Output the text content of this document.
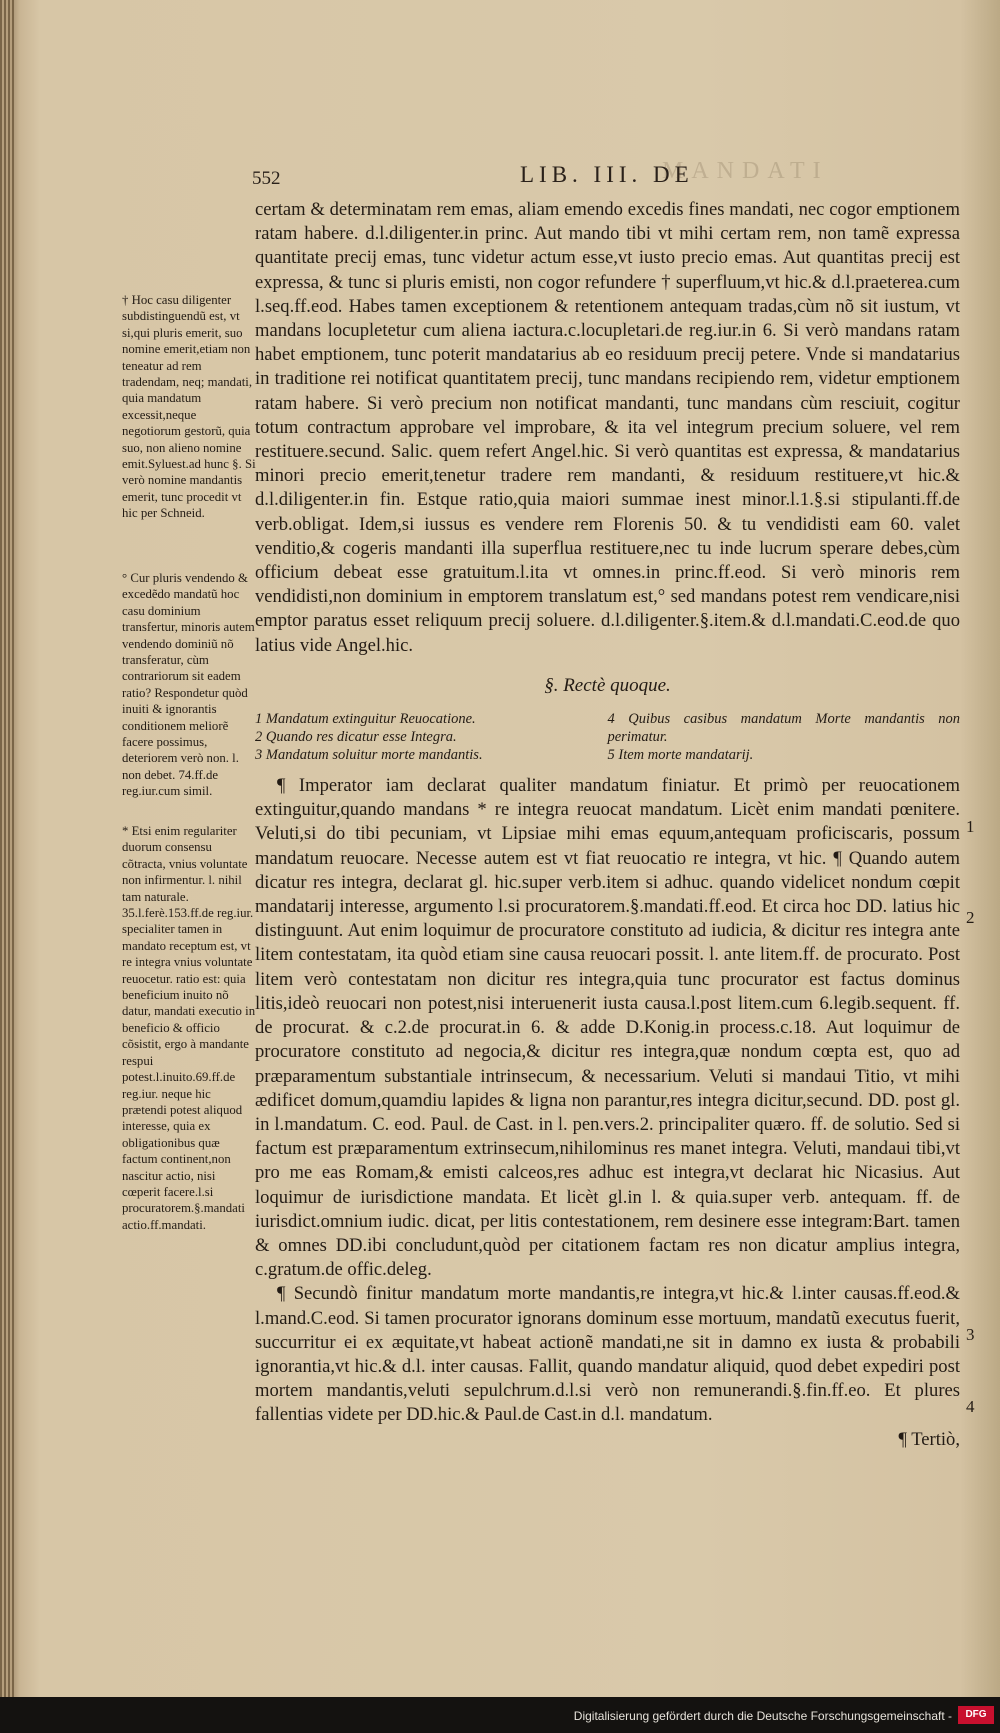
552	LIB. III. DE
MANDATI

certam & determinatam rem emas, aliam emendo excedis fines mandati, nec cogor emptionem ratam habere. d.l.diligenter.in princ. Aut mando tibi vt mihi certam rem, non tamẽ expressa quantitate precij emas, tunc videtur actum esse,vt iusto precio emas. Aut quantitas precij est expressa, & tunc si pluris emisti, non cogor refundere † superfluum,vt hic.& d.l.praeterea.cum l.seq.ff.eod. Habes tamen exceptionem & retentionem antequam tradas,cùm nõ sit iustum, vt mandans locupletetur cum aliena iactura.c.locupletari.de reg.iur.in 6. Si verò mandans ratam habet emptionem, tunc poterit mandatarius ab eo residuum precij petere. Vnde si mandatarius in traditione rei notificat quantitatem precij, tunc mandans recipiendo rem, videtur emptionem ratam habere. Si verò precium non notificat mandanti, tunc mandans cùm resciuit, cogitur totum contractum approbare vel improbare, & ita vel integrum precium soluere, vel rem restituere.secund. Salic. quem refert Angel.hic. Si verò quantitas est expressa, & mandatarius minori precio emerit,tenetur tradere rem mandanti, & residuum restituere,vt hic.& d.l.diligenter.in fin. Estque ratio,quia maiori summae inest minor.l.1.§.si stipulanti.ff.de verb.obligat. Idem,si iussus es vendere rem Florenis 50. & tu vendidisti eam 60. valet venditio,& cogeris mandanti illa superflua restituere,nec tu inde lucrum sperare debes,cùm officium debeat esse gratuitum.l.ita vt omnes.in princ.ff.eod. Si verò minoris rem vendidisti,non dominium in emptorem translatum est,° sed mandans potest rem vendicare,nisi emptor paratus esset reliquum precij soluere. d.l.diligenter.§.item.& d.l.mandati.C.eod.de quo latius vide Angel.hic.

§. Rectè quoque.
1 Mandatum extinguitur Reuocatione.
2 Quando res dicatur esse Integra.
3 Mandatum soluitur morte mandantis.
4 Quibus casibus mandatum Morte mandantis non perimatur.
5 Item morte mandatarij.

¶ Imperator iam declarat qualiter mandatum finiatur. Et primò per reuocationem extinguitur,quando mandans * re integra reuocat mandatum. Licèt enim mandati pœnitere. Veluti,si do tibi pecuniam, vt Lipsiae mihi emas equum,antequam proficiscaris, possum mandatum reuocare. Necesse autem est vt fiat reuocatio re integra, vt hic. ¶ Quando autem dicatur res integra, declarat gl. hic.super verb.item si adhuc. quando videlicet nondum cœpit mandatarij interesse, argumento l.si procuratorem.§.mandati.ff.eod. Et circa hoc DD. latius hic distinguunt. Aut enim loquimur de procuratore constituto ad iudicia, & dicitur res integra ante litem contestatam, ita quòd etiam sine causa reuocari possit. l. ante litem.ff. de procurato. Post litem verò contestatam non dicitur res integra,quia tunc procurator est factus dominus litis,ideò reuocari non potest,nisi interuenerit iusta causa.l.post litem.cum 6.legib.sequent. ff. de procurat. & c.2.de procurat.in 6. & adde D.Konig.in process.c.18. Aut loquimur de procuratore constituto ad negocia,& dicitur res integra,quæ nondum cœpta est, quo ad præparamentum substantiale intrinsecum, & necessarium. Veluti si mandaui Titio, vt mihi ædificet domum,quamdiu lapides & ligna non parantur,res integra dicitur,secund. DD. post gl. in l.mandatum. C. eod. Paul. de Cast. in l. pen.vers.2. principaliter quæro. ff. de solutio. Sed si factum est præparamentum extrinsecum,nihilominus res manet integra. Veluti, mandaui tibi,vt pro me eas Romam,& emisti calceos,res adhuc est integra,vt declarat hic Nicasius. Aut loquimur de iurisdictione mandata. Et licèt gl.in l. & quia.super verb. antequam. ff. de iurisdict.omnium iudic. dicat, per litis contestationem, rem desinere esse integram:Bart. tamen & omnes DD.ibi concludunt,quòd per citationem factam res non dicatur amplius integra, c.gratum.de offic.deleg.

¶ Secundò finitur mandatum morte mandantis,re integra,vt hic.& l.inter causas.ff.eod.& l.mand.C.eod. Si tamen procurator ignorans dominum esse mortuum, mandatũ executus fuerit, succurritur ei ex æquitate,vt habeat actionẽ mandati,ne sit in damno ex iusta & probabili ignorantia,vt hic.& d.l. inter causas. Fallit, quando mandatur aliquid, quod debet expediri post mortem mandantis,veluti sepulchrum.d.l.si verò non remunerandi.§.fin.ff.eo. Et plures fallentias videte per DD.hic.& Paul.de Cast.in d.l. mandatum.

¶ Tertiò,

† Hoc casu diligenter subdistinguendũ est, vt si,qui pluris emerit, suo nomine emerit,etiam non teneatur ad rem tradendam, neq; mandati, quia mandatum excessit,neque negotiorum gestorũ, quia suo, non alieno nomine emit.Syluest.ad hunc §. Si verò nomine mandantis emerit, tunc procedit vt hic per Schneid.
° Cur pluris vendendo & excedẽdo mandatũ hoc casu dominium transfertur, minoris autem vendendo dominiũ nõ transferatur, cùm contrariorum sit eadem ratio? Respondetur quòd inuiti & ignorantis conditionem meliorẽ facere possimus, deteriorem verò non. l. non debet. 74.ff.de reg.iur.cum simil.
* Etsi enim regulariter duorum consensu cõtracta, vnius voluntate non infirmentur. l. nihil tam naturale. 35.l.ferè.153.ff.de reg.iur. specialiter tamen in mandato receptum est, vt re integra vnius voluntate reuocetur. ratio est: quia beneficium inuito nõ datur, mandati executio in beneficio & officio cõsistit, ergo à mandante respui potest.l.inuito.69.ff.de reg.iur. neque hic prætendi potest aliquod interesse, quia ex obligationibus quæ factum continent,non nascitur actio, nisi cœperit facere.l.si procuratorem.§.mandati actio.ff.mandati.
1
2
3
4
Digitalisierung gefördert durch die Deutsche Forschungsgemeinschaft -	DFG
